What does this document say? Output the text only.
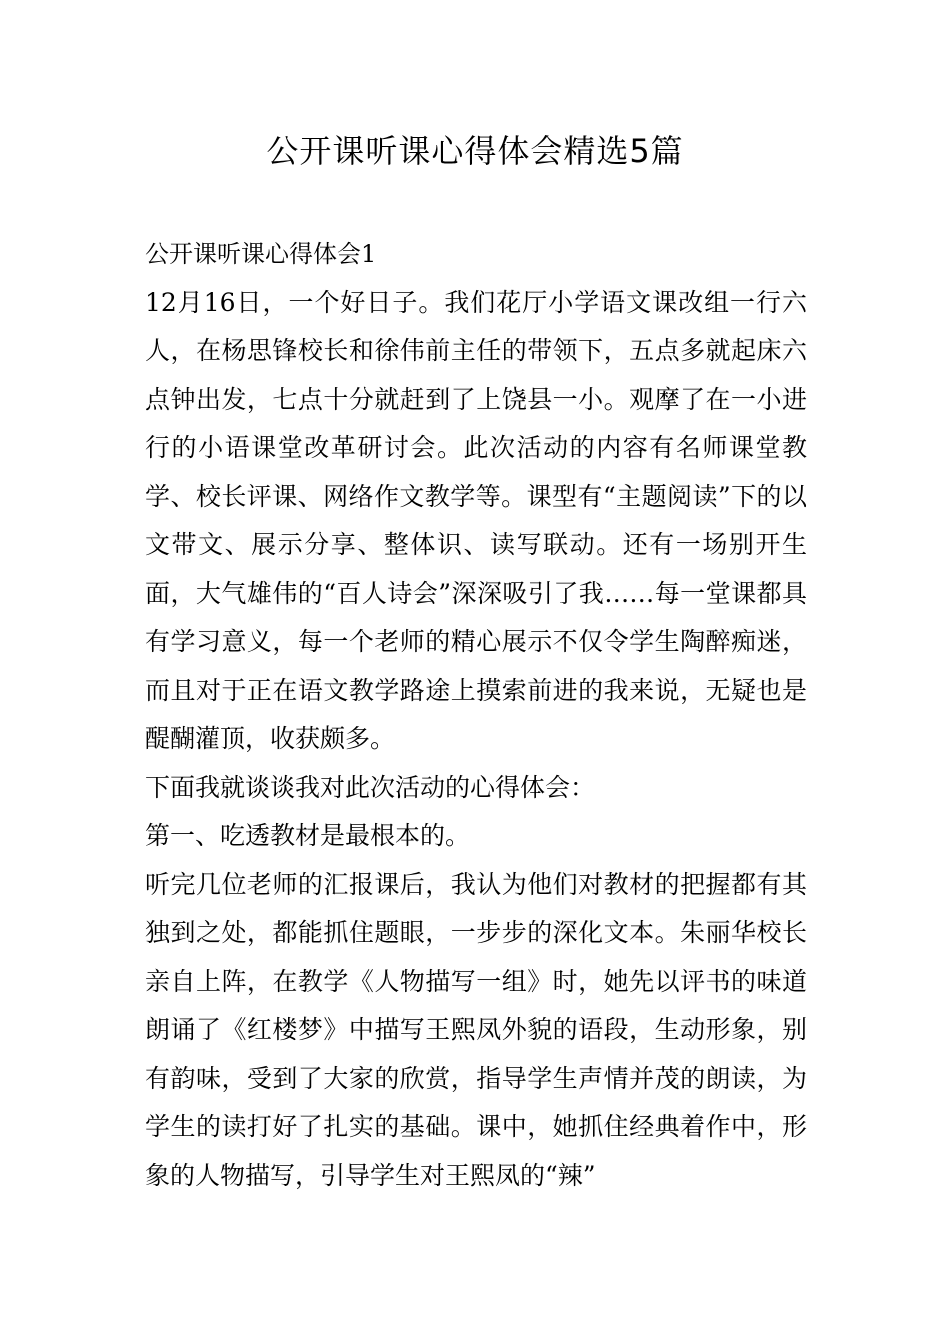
公开课听课心得体会精选5篇

公开课听课心得体会1

12月16日，一个好日子。我们花厅小学语文课改组一行六人，在杨思锋校长和徐伟前主任的带领下，五点多就起床六点钟出发，七点十分就赶到了上饶县一小。观摩了在一小进行的小语课堂改革研讨会。此次活动的内容有名师课堂教学、校长评课、网络作文教学等。课型有“主题阅读”下的以文带文、展示分享、整体识、读写联动。还有一场别开生面，大气雄伟的“百人诗会”深深吸引了我……每一堂课都具有学习意义，每一个老师的精心展示不仅令学生陶醉痴迷，而且对于正在语文教学路途上摸索前进的我来说，无疑也是醍醐灌顶，收获颇多。

下面我就谈谈我对此次活动的心得体会：

第一、吃透教材是最根本的。

听完几位老师的汇报课后，我认为他们对教材的把握都有其独到之处，都能抓住题眼，一步步的深化文本。朱丽华校长亲自上阵，在教学《人物描写一组》时，她先以评书的味道朗诵了《红楼梦》中描写王熙凤外貌的语段，生动形象，别有韵味，受到了大家的欣赏，指导学生声情并茂的朗读，为学生的读打好了扎实的基础。课中，她抓住经典着作中，形象的人物描写，引导学生对王熙凤的“辣”
